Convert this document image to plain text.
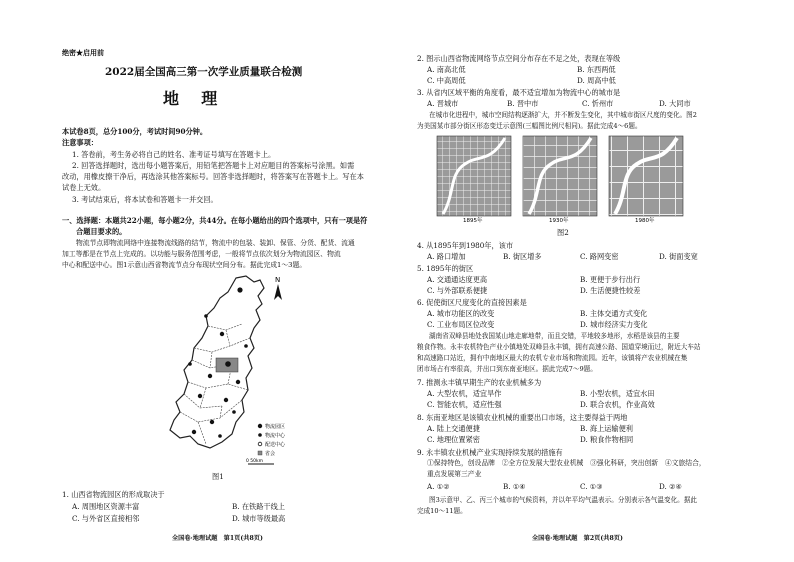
绝密★启用前
2022届全国高三第一次学业质量联合检测
地    理
本试卷8页，总分100分，考试时间90分钟。
注意事项：
1. 答卷前，考生务必将自己的姓名、准考证号填写在答题卡上。
2. 回答选择题时，选出每小题答案后，用铅笔把答题卡上对应题目的答案标号涂黑。如需
改动，用橡皮擦干净后，再选涂其他答案标号。回答非选择题时，将答案写在答题卡上。写在本
试卷上无效。
3. 考试结束后，将本试卷和答题卡一并交回。
一、选择题：本题共22小题，每小题2分，共44分。在每小题给出的四个选项中，只有一项是符
合题目要求的。
物流节点即物流网络中连接物流线路的结节，物流中的包装、装卸、保管、分货、配货、流通
加工等都是在节点上完成的。以功能与服务范围考虑，一般将节点依次划分为物流园区、物流
中心和配送中心。图1示意山西省物流节点分布现状空间分布。据此完成1～3题。
N
物流园区
物流中心
配送中心
省会
0 50km
图1
1. 山西省物流园区的形成取决于
A. 周围地区资源丰富	B. 在铁路干线上
C. 与外省区直接相邻	D. 城市等级最高
全国卷·地理试题　第1页(共8页)
2. 图示山西省物流网络节点空间分布存在不足之处，表现在等级
A. 南高北低	B. 东西两低
C. 中高周低	D. 周高中低
3. 从省内区域平衡的角度看，最不适宜增加为物流中心的城市是
A. 晋城市	B. 晋中市	C. 忻州市	D. 大同市
在城市化进程中，城市空间结构逐渐扩大，并不断发生变化，其中城市街区尺度的变化。图2
为美国某市部分街区形态变迁示意图(三幅图比例尺相同)。据此完成4～6题。
1895年	1930年	1980年
图2
4. 从1895年到1980年，该市
A. 路口增加	B. 街区增多	C. 路网变密	D. 街面变宽
5. 1895年的街区
A. 交通通达度更高	B. 更便于步行出行
C. 与外部联系便捷	D. 生活便捷性较差
6. 促使街区尺度变化的直接因素是
A. 城市功能区的改变	B. 主体交通方式变化
C. 工业布局区位改变	D. 城市经济实力变化
湖南省双峰县地处我国某山地走廊地带，而且交错，平地较多地形，水稻是该县的主要
粮食作物。永丰农机特色产业小镇地处双峰县永丰镇，拥有高速公路、国道穿境而过，附近大车站
和高速路口站近，拥有中南地区最大的农机专业市场和物流园。近年，该镇将产农业机械在集
团市场占有率很高，并出口到东南亚地区。据此完成7～9题。
7. 推测永丰镇早期生产的农业机械多为
A. 大型农机，适宜旱作	B. 小型农机，适宜水田
C. 智能农机，适应性强	D. 联合农机，作业高效
8. 东南亚地区是该镇农业机械的重要出口市场，这主要得益于两地
A. 陆上交通便捷	B. 海上运输便利
C. 地理位置紧密	D. 粮食作物相同
9. 永丰镇农业机械产业实现持续发展的措施有
①保持特色，创设品牌　②全方位发展大型农业机械　③强化科研，突出创新　④文旅结合，
重点发展第三产业
A. ①②	B. ①④	C. ①③	D. ②④
图3示意甲、乙、丙三个城市的气候资料，并以年平均气温表示。分别表示各气温变化。据此
完成10～11题。
全国卷·地理试题　第2页(共8页)
